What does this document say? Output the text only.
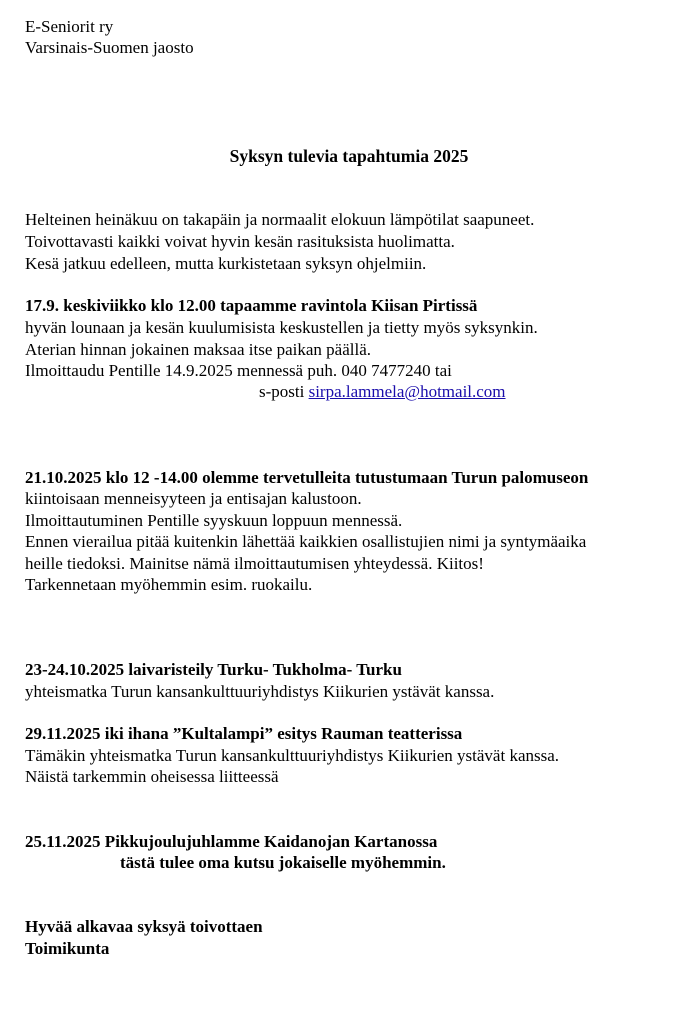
E-Seniorit ry
Varsinais-Suomen jaosto
Syksyn tulevia tapahtumia 2025
Helteinen heinäkuu on takapäin ja normaalit elokuun lämpötilat saapuneet.
Toivottavasti kaikki voivat hyvin kesän rasituksista huolimatta.
Kesä jatkuu edelleen, mutta kurkistetaan syksyn ohjelmiin.
17.9. keskiviikko klo 12.00 tapaamme ravintola Kiisan Pirtissä
hyvän lounaan ja kesän kuulumisista keskustellen ja tietty myös syksynkin.
Aterian hinnan jokainen maksaa itse paikan päällä.
Ilmoittaudu Pentille 14.9.2025 mennessä puh. 040 7477240 tai
s-posti sirpa.lammela@hotmail.com
21.10.2025 klo 12 -14.00 olemme tervetulleita tutustumaan Turun palomuseon
kiintoisaan menneisyyteen ja entisajan kalustoon.
Ilmoittautuminen Pentille syyskuun loppuun mennessä.
Ennen vierailua pitää kuitenkin lähettää kaikkien osallistujien nimi ja syntymäaika
heille tiedoksi. Mainitse nämä ilmoittautumisen yhteydessä. Kiitos!
Tarkennetaan myöhemmin esim. ruokailu.
23-24.10.2025 laivaristeily Turku- Tukholma- Turku
yhteismatka Turun kansankulttuuriyhdistys Kiikurien ystävät kanssa.
29.11.2025 iki ihana ”Kultalampi” esitys Rauman teatterissa
Tämäkin yhteismatka Turun kansankulttuuriyhdistys Kiikurien ystävät kanssa.
Näistä tarkemmin oheisessa liitteessä
25.11.2025 Pikkujoulujuhlamme Kaidanojan Kartanossa
tästä tulee oma kutsu jokaiselle myöhemmin.
Hyvää alkavaa syksyä toivottaen
Toimikunta
